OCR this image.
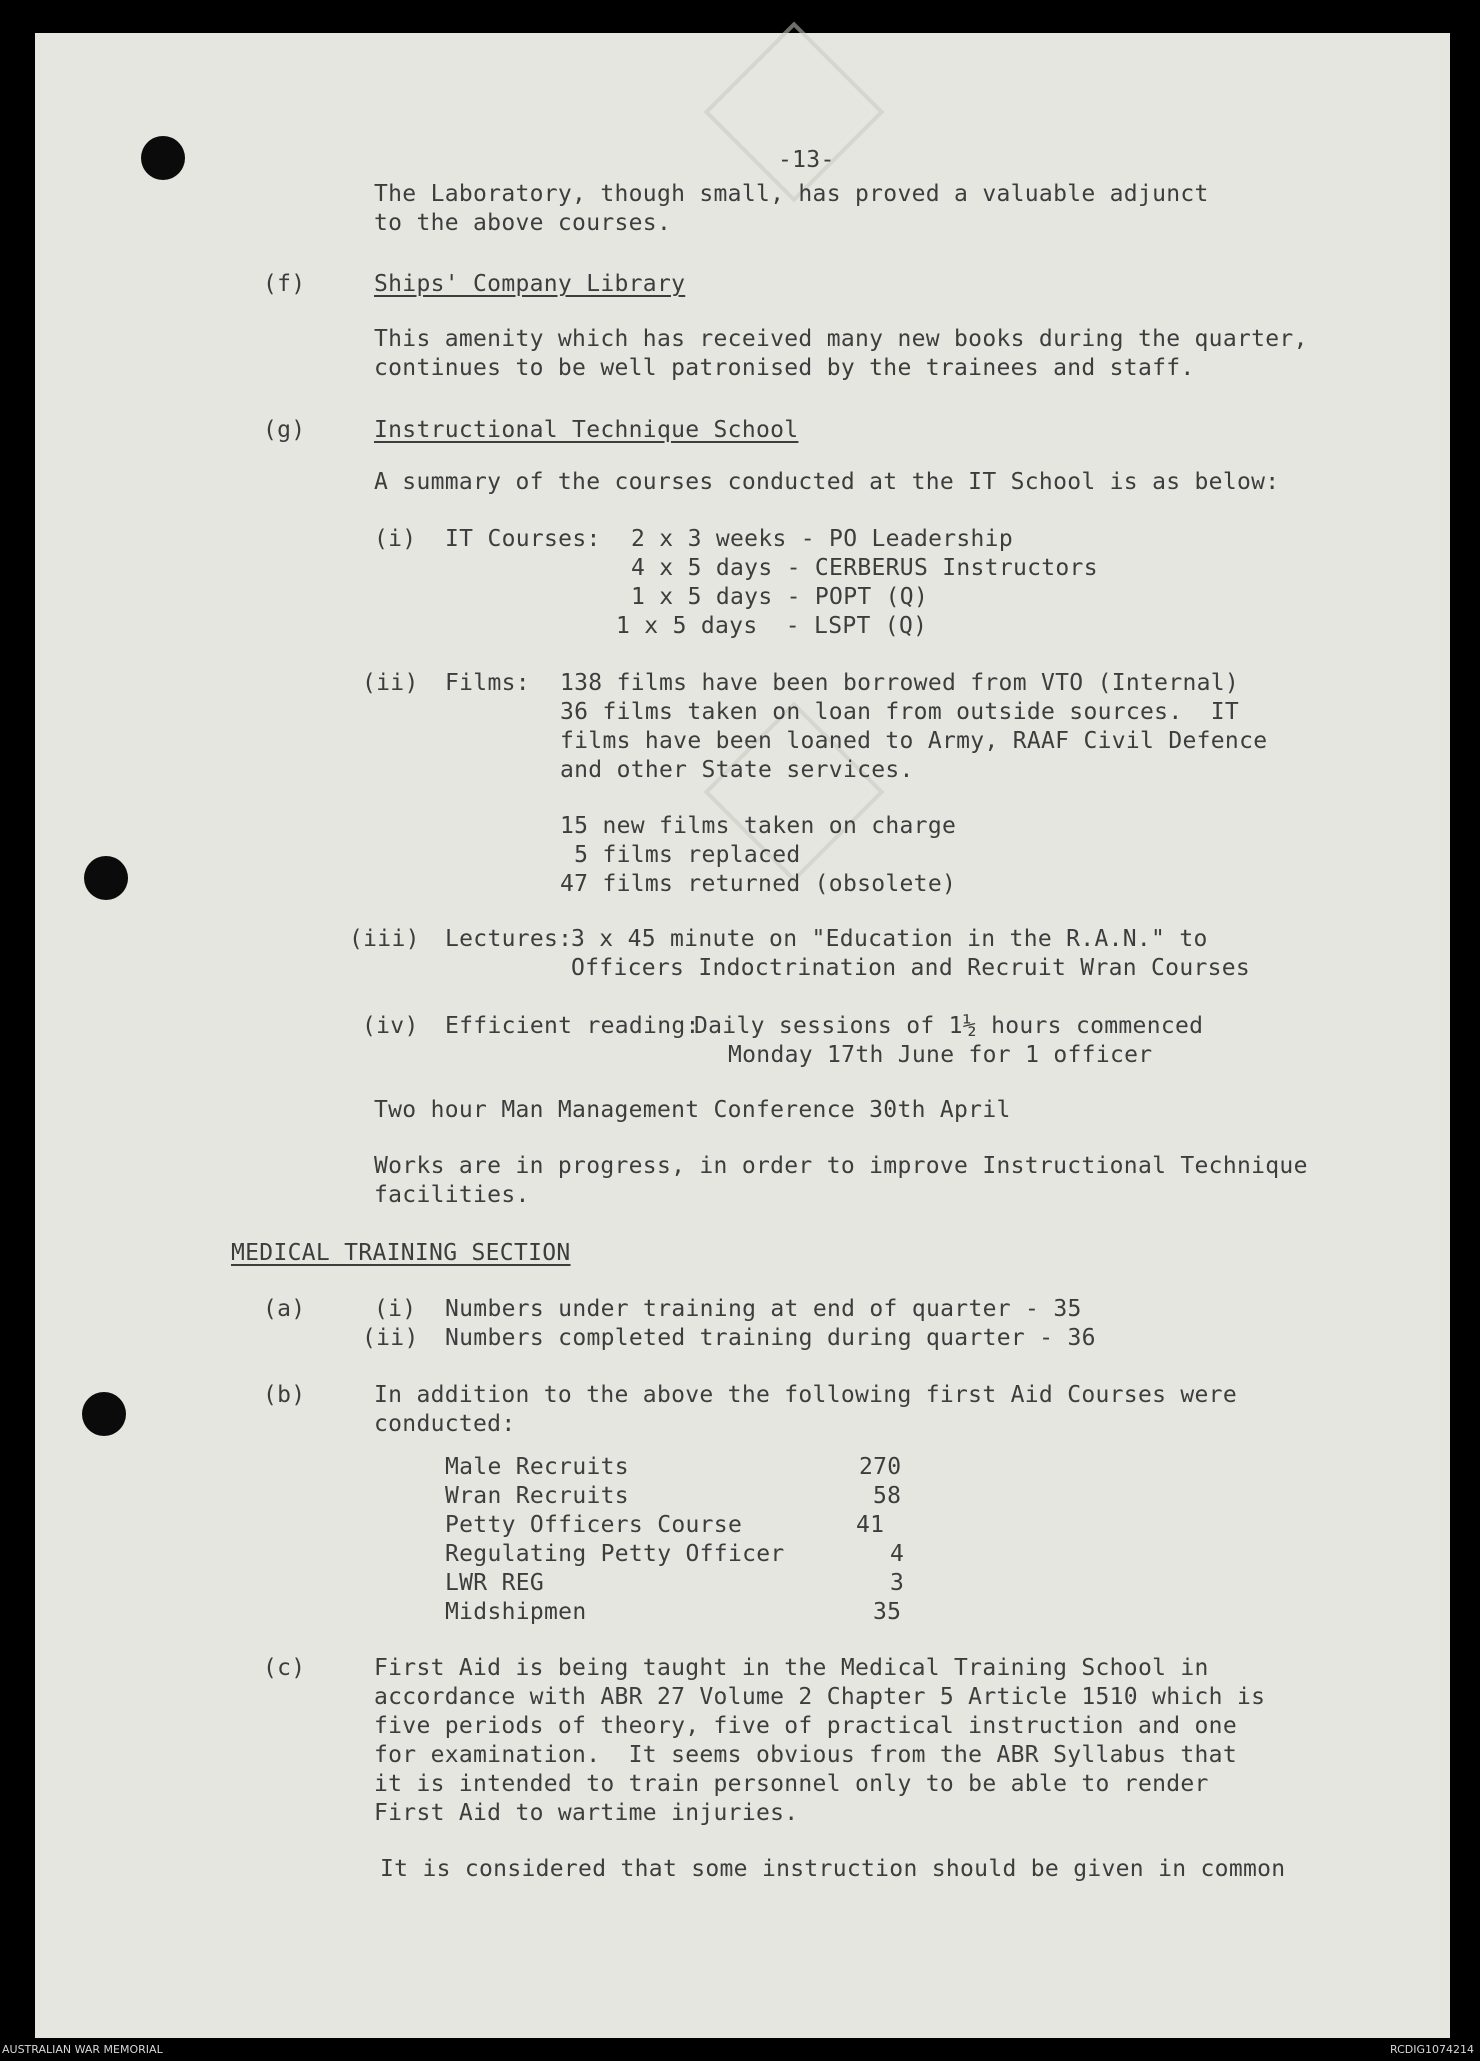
-13-
The Laboratory, though small, has proved a valuable adjunct
to the above courses.
(f)	Ships' Company Library
This amenity which has received many new books during the quarter,
continues to be well patronised by the trainees and staff.
(g)	Instructional Technique School
A summary of the courses conducted at the IT School is as below:
(i) IT Courses: 2 x 3 weeks - PO Leadership
4 x 5 days - CERBERUS Instructors
1 x 5 days - POPT (Q)
1 x 5 days  - LSPT (Q)
(ii) Films: 138 films have been borrowed from VTO (Internal)
36 films taken on loan from outside sources.  IT
films have been loaned to Army, RAAF Civil Defence
and other State services.
15 new films taken on charge
5 films replaced
47 films returned (obsolete)
(iii) Lectures:
3 x 45 minute on "Education in the R.A.N." to
Officers Indoctrination and Recruit Wran Courses
(iv) Efficient reading:
Daily sessions of 1½ hours commenced
Monday 17th June for 1 officer
Two hour Man Management Conference 30th April
Works are in progress, in order to improve Instructional Technique
facilities.
MEDICAL TRAINING SECTION
(a)	(i) Numbers under training at end of quarter - 35
(ii) Numbers completed training during quarter - 36
(b)	In addition to the above the following first Aid Courses were
conducted:
Male Recruits	270
Wran Recruits	58
Petty Officers Course	41
Regulating Petty Officer	4
LWR REG	3
Midshipmen	35
(c)	First Aid is being taught in the Medical Training School in
accordance with ABR 27 Volume 2 Chapter 5 Article 1510 which is
five periods of theory, five of practical instruction and one
for examination.  It seems obvious from the ABR Syllabus that
it is intended to train personnel only to be able to render
First Aid to wartime injuries.
It is considered that some instruction should be given in common
AUSTRALIAN WAR MEMORIAL	RCDIG1074214
